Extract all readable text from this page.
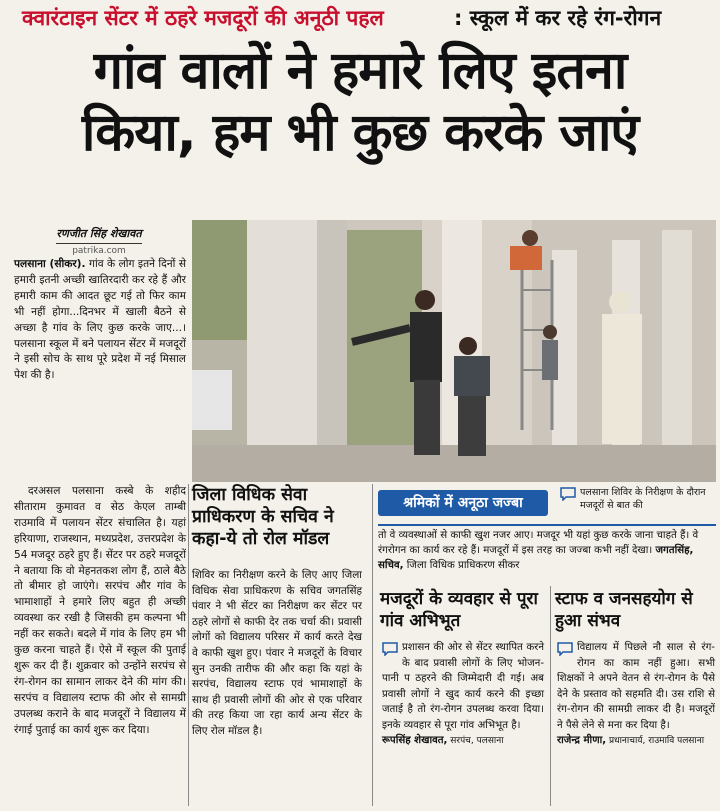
क्वारंटाइन सेंटर में ठहरे मजदूरों की अनूठी पहल	: स्कूल में कर रहे रंग-रोगन
गांव वालों ने हमारे लिए इतना
किया, हम भी कुछ करके जाएं
रणजीत सिंह शेखावत
patrika.com
पलसाना (सीकर). गांव के लोग इतने दिनों से हमारी इतनी अच्छी खातिरदारी कर रहे हैं और हमारी काम की आदत छूट गई तो फिर काम भी नहीं होगा...दिनभर में खाली बैठने से अच्छा है गांव के लिए कुछ करके जाए...। पलसाना स्कूल में बने पलायन सेंटर में मजदूरों ने इसी सोच के साथ पूरे प्रदेश में नई मिसाल पेश की है।
दरअसल पलसाना कस्बे के शहीद सीताराम कुमावत व सेठ केएल ताम्बी राउमावि में पलायन सेंटर संचालित है। यहां हरियाणा, राजस्थान, मध्यप्रदेश, उत्तरप्रदेश के 54 मजदूर ठहरे हुए हैं। सेंटर पर ठहरे मजदूरों ने बताया कि वो मेहनतकश लोग हैं, ठाले बैठे तो बीमार हो जाएंगे। सरपंच और गांव के भामाशाहों ने हमारे लिए बहुत ही अच्छी व्यवस्था कर रखी है जिसकी हम कल्पना भी नहीं कर सकते। बदले में गांव के लिए हम भी कुछ करना चाहते हैं। ऐसे में स्कूल की पुताई शुरू कर दी हैं। शुक्रवार को उन्होंने सरपंच से रंग-रोगन का सामान लाकर देने की मांग की। सरपंच व विद्यालय स्टाफ की ओर से सामग्री उपलब्ध कराने के बाद मजदूरों ने विद्यालय में रंगाई पुताई का कार्य शुरू कर दिया।
जिला विधिक सेवा प्राधिकरण के सचिव ने कहा-ये तो रोल मॉडल
शिविर का निरीक्षण करने के लिए आए जिला विधिक सेवा प्राधिकरण के सचिव जगतसिंह पंवार ने भी सेंटर का निरीक्षण कर सेंटर पर ठहरे लोगों से काफी देर तक चर्चा की। प्रवासी लोगों को विद्यालय परिसर में कार्य करते देख वे काफी खुश हुए। पंवार ने मजदूरों के विचार सुन उनकी तारीफ की और कहा कि यहां के सरपंच, विद्यालय स्टाफ एवं भामाशाहों के साथ ही प्रवासी लोगों की ओर से एक परिवार की तरह किया जा रहा कार्य अन्य सेंटर के लिए रोल मॉडल है।
श्रमिकों में अनूठा जज्बा
पलसाना शिविर के निरीक्षण के दौरान मजदूरों से बात की
तो वे व्यवस्थाओं से काफी खुश नजर आए। मजदूर भी यहां कुछ करके जाना चाहते हैं। वे रंगरोगन का कार्य कर रहे हैं। मजदूरों में इस तरह का जज्बा कभी नहीं देखा। जगतसिंह, सचिव, जिला विधिक प्राधिकरण सीकर
मजदूरों के व्यवहार से पूरा गांव अभिभूत
प्रशासन की ओर से सेंटर स्थापित करने के बाद प्रवासी लोगों के लिए भोजन-पानी प ठहरने की जिम्मेदारी दी गई। अब प्रवासी लोगों ने खुद कार्य करने की इच्छा जताई है तो रंग-रोगन उपलब्ध करवा दिया। इनके व्यवहार से पूरा गांव अभिभूत है।
रूपसिंह शेखावत, सरपंच, पलसाना
स्टाफ व जनसहयोग से हुआ संभव
विद्यालय में पिछले नौ साल से रंग-रोगन का काम नहीं हुआ। सभी शिक्षकों ने अपने वेतन से रंग-रोगन के पैसे देने के प्रस्ताव को सहमति दी। उस राशि से रंग-रोगन की सामग्री लाकर दी है। मजदूरों ने पैसे लेने से मना कर दिया है।
राजेन्द्र मीणा, प्रधानाचार्य, राउमावि पलसाना
